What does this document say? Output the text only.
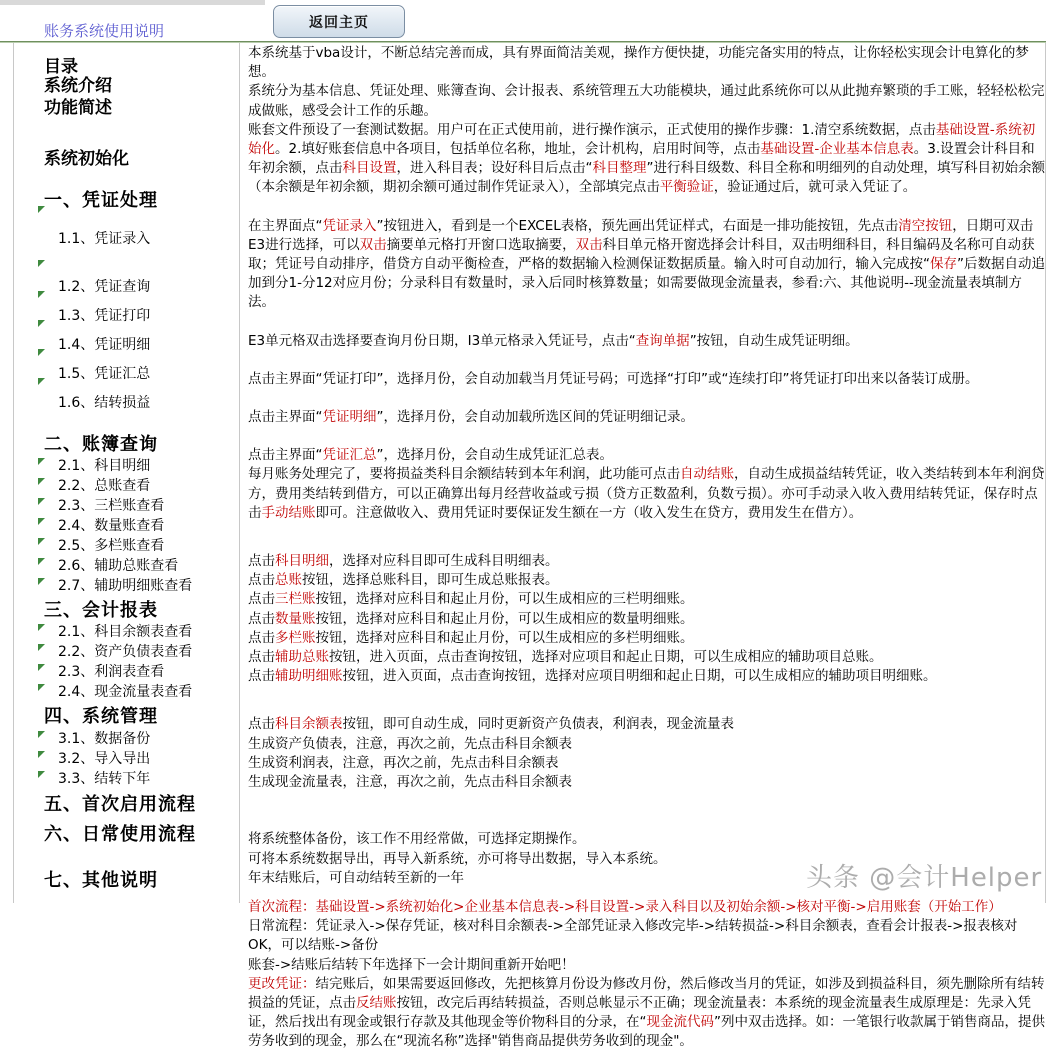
返回主页
账务系统使用说明
目录
系统介绍
功能简述
系统初始化
一、凭证处理
1.1、凭证录入
1.2、凭证查询
1.3、凭证打印
1.4、凭证明细
1.5、凭证汇总
1.6、结转损益
二、账簿查询
2.1、科目明细
2.2、总账查看
2.3、三栏账查看
2.4、数量账查看
2.5、多栏账查看
2.6、辅助总账查看
2.7、辅助明细账查看
三、会计报表
2.1、科目余额表查看
2.2、资产负债表查看
2.3、利润表查看
2.4、现金流量表查看
四、系统管理
3.1、数据备份
3.2、导入导出
3.3、结转下年
五、首次启用流程
六、日常使用流程
七、其他说明
本系统基于vba设计，不断总结完善而成，具有界面简洁美观，操作方便快捷，功能完备实用的特点，让你轻松实现会计电算化的梦想。
系统分为基本信息、凭证处理、账簿查询、会计报表、系统管理五大功能模块，通过此系统你可以从此抛弃繁琐的手工账，轻轻松松完成做账，感受会计工作的乐趣。
账套文件预设了一套测试数据。用户可在正式使用前，进行操作演示，正式使用的操作步骤：1.清空系统数据，点击基础设置-系统初始化。2.填好账套信息中各项目，包括单位名称，地址，会计机构，启用时间等，点击基础设置-企业基本信息表。3.设置会计科目和年初余额，点击科目设置，进入科目表；设好科目后点击“科目整理”进行科目级数、科目全称和明细列的自动处理，填写科目初始余额（本余额是年初余额，期初余额可通过制作凭证录入），全部填完点击平衡验证，验证通过后，就可录入凭证了。
在主界面点“凭证录入”按钮进入，看到是一个EXCEL表格，预先画出凭证样式，右面是一排功能按钮，先点击清空按钮，日期可双击E3进行选择，可以双击摘要单元格打开窗口选取摘要，双击科目单元格开窗选择会计科目，双击明细科目，科目编码及名称可自动获取；凭证号自动排序，借贷方自动平衡检查，严格的数据输入检测保证数据质量。输入时可自动加行，输入完成按“保存”后数据自动追加到分1-分12对应月份；分录科目有数量时，录入后同时核算数量；如需要做现金流量表，参看:六、其他说明--现金流量表填制方法。
E3单元格双击选择要查询月份日期，I3单元格录入凭证号，点击“查询单据”按钮，自动生成凭证明细。
点击主界面“凭证打印”，选择月份，会自动加载当月凭证号码；可选择“打印”或“连续打印”将凭证打印出来以备装订成册。
点击主界面“凭证明细”，选择月份，会自动加载所选区间的凭证明细记录。
点击主界面“凭证汇总”，选择月份，会自动生成凭证汇总表。
每月账务处理完了，要将损益类科目余额结转到本年利润，此功能可点击自动结账，自动生成损益结转凭证，收入类结转到本年利润贷方，费用类结转到借方，可以正确算出每月经营收益或亏损（贷方正数盈利，负数亏损）。亦可手动录入收入费用结转凭证，保存时点击手动结账即可。注意做收入、费用凭证时要保证发生额在一方（收入发生在贷方，费用发生在借方）。
点击科目明细，选择对应科目即可生成科目明细表。
点击总账按钮，选择总账科目，即可生成总账报表。
点击三栏账按钮，选择对应科目和起止月份，可以生成相应的三栏明细账。
点击数量账按钮，选择对应科目和起止月份，可以生成相应的数量明细账。
点击多栏账按钮，选择对应科目和起止月份，可以生成相应的多栏明细账。
点击辅助总账按钮，进入页面，点击查询按钮，选择对应项目和起止日期，可以生成相应的辅助项目总账。
点击辅助明细账按钮，进入页面，点击查询按钮，选择对应项目明细和起止日期，可以生成相应的辅助项目明细账。
点击科目余额表按钮，即可自动生成，同时更新资产负债表，利润表，现金流量表
生成资产负债表，注意，再次之前，先点击科目余额表
生成资利润表，注意，再次之前，先点击科目余额表
生成现金流量表，注意，再次之前，先点击科目余额表
将系统整体备份，该工作不用经常做，可选择定期操作。
可将本系统数据导出，再导入新系统，亦可将导出数据，导入本系统。
年末结账后，可自动结转至新的一年
首次流程：基础设置->系统初始化>企业基本信息表->科目设置->录入科目以及初始余额->核对平衡->启用账套（开始工作）
日常流程：凭证录入->保存凭证，核对科目余额表->全部凭证录入修改完毕->结转损益->科目余额表，查看会计报表->报表核对OK，可以结账->备份
账套->结账后结转下年选择下一会计期间重新开始吧！
更改凭证：结完账后，如果需要返回修改，先把核算月份设为修改月份，然后修改当月的凭证，如涉及到损益科目，须先删除所有结转损益的凭证，点击反结账按钮，改完后再结转损益，否则总帐显示不正确；现金流量表：本系统的现金流量表生成原理是：先录入凭证，然后找出有现金或银行存款及其他现金等价物科目的分录，在“现金流代码”列中双击选择。如：一笔银行收款属于销售商品，提供劳务收到的现金，那么在“现流名称”选择"销售商品提供劳务收到的现金"。
头条 @会计Helper
